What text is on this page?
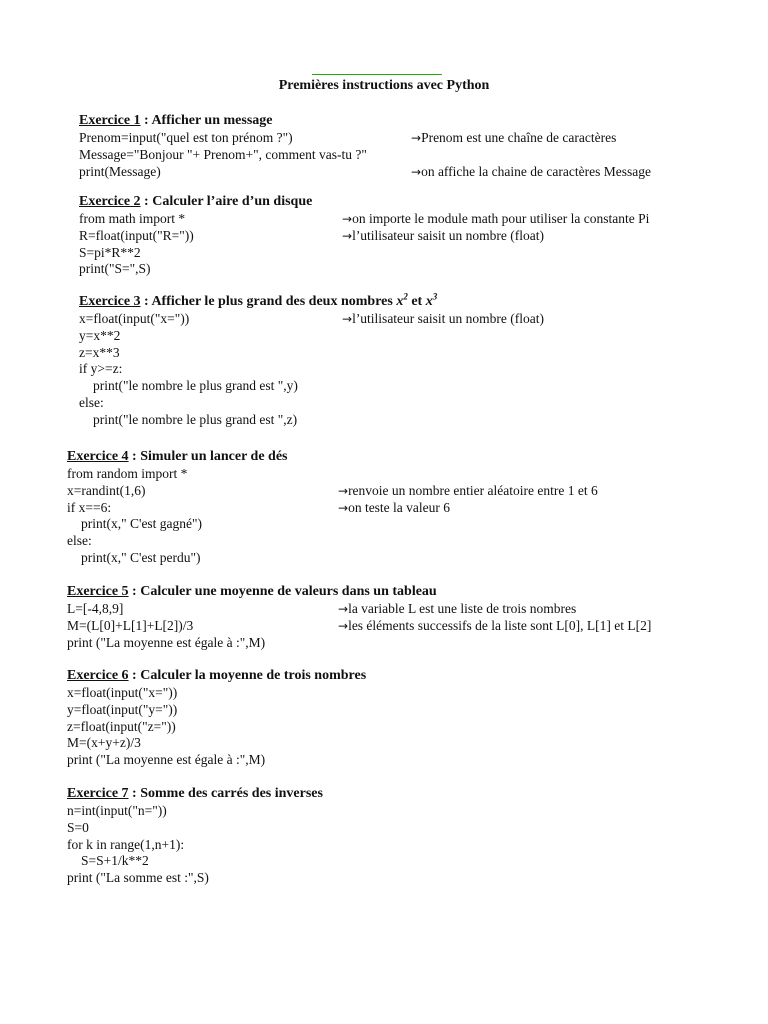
Premières instructions avec Python
Exercice 1 : Afficher un message
Prenom=input("quel est ton prénom ?")	→Prenom est une chaîne de caractères
Message="Bonjour "+ Prenom+", comment vas-tu ?"
print(Message)	→on affiche la chaine de caractères Message
Exercice 2 : Calculer l’aire d’un disque
from math import *	→on importe le module math pour utiliser la constante Pi
R=float(input("R="))	→l’utilisateur saisit un nombre (float)
S=pi*R**2
print("S=",S)
Exercice 3 : Afficher le plus grand des deux nombres $x^2$ et $x^3$
x=float(input("x="))	→l’utilisateur saisit un nombre (float)
y=x**2
z=x**3
if y>=z:
print("le nombre le plus grand est ",y)
else:
print("le nombre le plus grand est ",z)
Exercice 4 : Simuler un lancer de dés
from random import *
x=randint(1,6)	→renvoie un nombre entier aléatoire entre 1 et 6
if x==6:	→on teste la valeur 6
print(x," C'est gagné")
else:
print(x," C'est perdu")
Exercice 5 : Calculer une moyenne de valeurs dans un tableau
L=[-4,8,9]	→la variable L est une liste de trois nombres
M=(L[0]+L[1]+L[2])/3	→les éléments successifs de la liste sont L[0], L[1] et L[2]
print ("La moyenne est égale à :",M)
Exercice 6 : Calculer la moyenne de trois nombres
x=float(input("x="))
y=float(input("y="))
z=float(input("z="))
M=(x+y+z)/3
print ("La moyenne est égale à :",M)
Exercice 7 : Somme des carrés des inverses
n=int(input("n="))
S=0
for k in range(1,n+1):
S=S+1/k**2
print ("La somme est :",S)
